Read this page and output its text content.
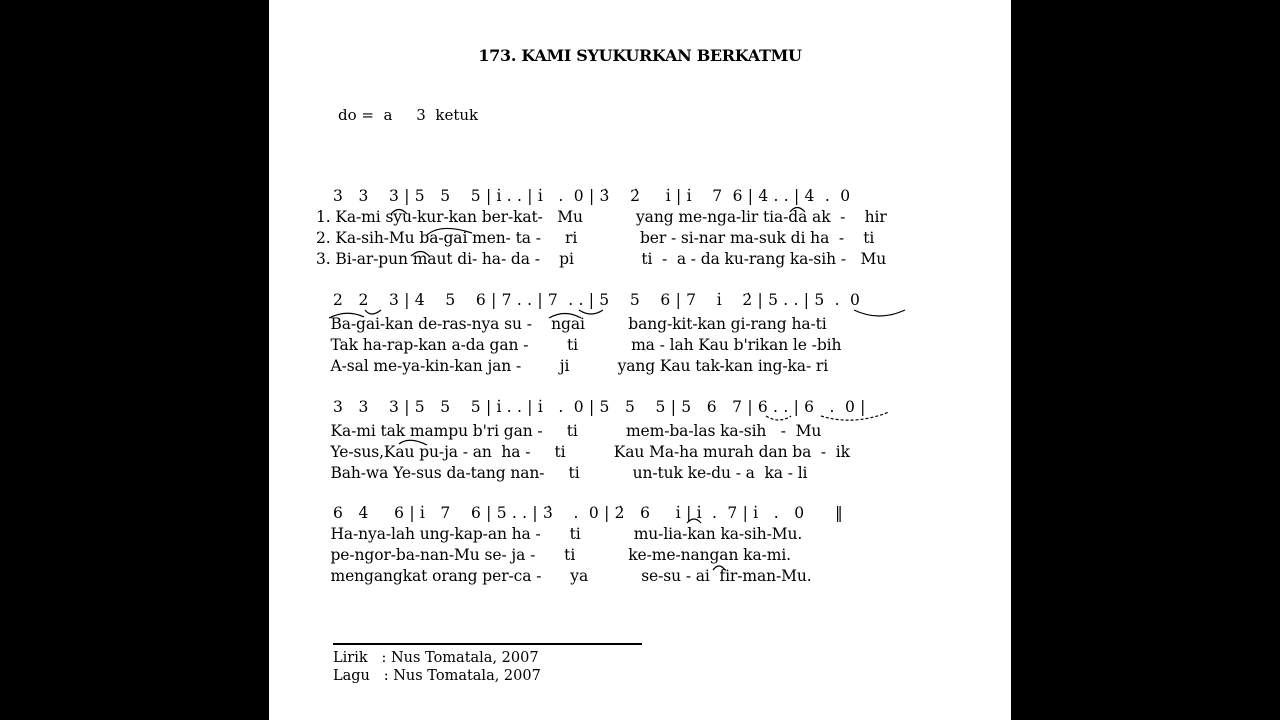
173. KAMI SYUKURKAN BERKATMU
do =  a     3  ketuk
3   3    3 | 5   5    5 | i̇ . . | i̇   .  0 | 3̇    2̇     i̇ | i̇    7  6 | 4 . . | 4  .  0
1. Ka-mi syu-kur-kan ber-kat-   Mu           yang me-nga-lir tia-da ak  -    hir
2. Ka-sih-Mu ba-gai men- ta -     ri             ber - si-nar ma-suk di ha  -    ti
3. Bi-ar-pun maut di- ha- da -    pi              ti  -  a - da ku-rang ka-sih -   Mu
2   2    3 | 4    5    6 | 7 . . | 7  . . | 5    5    6 | 7    i̇    2̇ | 5 . . | 5  .  0
Ba-gai-kan de-ras-nya su -    ngai         bang-kit-kan gi-rang ha-ti
Tak ha-rap-kan a-da gan -        ti           ma - lah Kau b'rikan le -bih
A-sal me-ya-kin-kan jan -        ji          yang Kau tak-kan ing-ka- ri
3   3    3 | 5   5    5 | i̇ . . | i̇   .  0 | 5   5    5 | 5   6   7 | 6 . . | 6   .  0 |
Ka-mi tak mampu b'ri gan -     ti          mem-ba-las ka-sih   -  Mu
Ye-sus,Kau pu-ja - an  ha -     ti          Kau Ma-ha murah dan ba  -  ik
Bah-wa Ye-sus da-tang nan-     ti           un-tuk ke-du - a  ka - li
6   4     6 | i̇   7    6 | 5 . . | 3̇    .  0 | 2̇   6     i̇ | i̇  .  7 | i̇   .   0      ‖
Ha-nya-lah ung-kap-an ha -      ti           mu-lia-kan ka-sih-Mu.
pe-ngor-ba-nan-Mu se- ja -      ti           ke-me-nangan ka-mi.
mengangkat orang per-ca -      ya           se-su - ai  fir-man-Mu.
Lirik   : Nus Tomatala, 2007
Lagu   : Nus Tomatala, 2007
